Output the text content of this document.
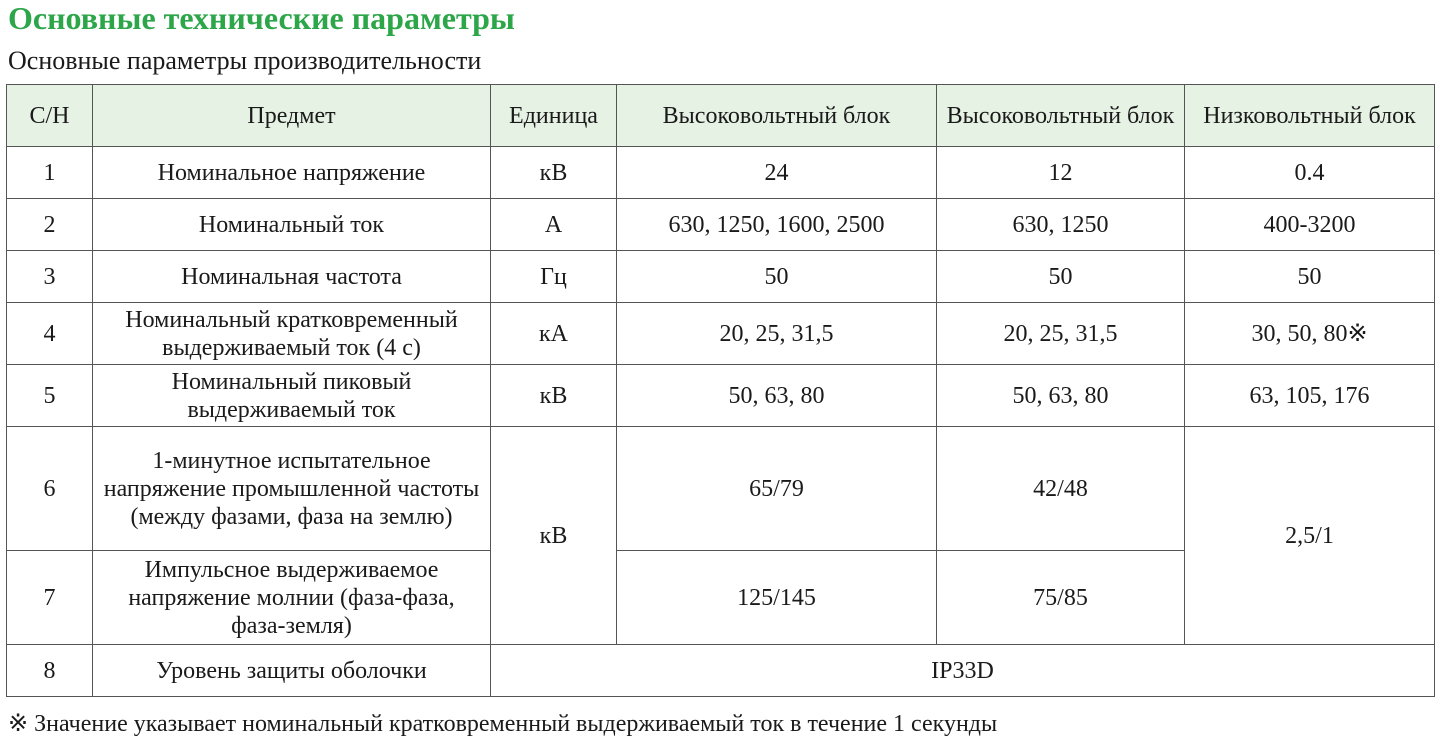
Основные технические параметры
Основные параметры производительности
С/Н	Предмет	Единица	Высоковольтный блок	Высоковольтный блок	Низковольтный блок
1	Номинальное напряжение	кВ	24	12	0.4
2	Номинальный ток	А	630, 1250, 1600, 2500	630, 1250	400-3200
3	Номинальная частота	Гц	50	50	50
4	Номинальный кратковременный выдерживаемый ток (4 с)	кА	20, 25, 31,5	20, 25, 31,5	30, 50, 80※
5	Номинальный пиковый выдерживаемый ток	кВ	50, 63, 80	50, 63, 80	63, 105, 176
6	1-минутное испытательное напряжение промышленной частоты (между фазами, фаза на землю)	кВ	65/79	42/48	2,5/1
7	Импульсное выдерживаемое напряжение молнии (фаза-фаза, фаза-земля)		125/145	75/85	
8	Уровень защиты оболочки	IP33D			
※ Значение указывает номинальный кратковременный выдерживаемый ток в течение 1 секунды
